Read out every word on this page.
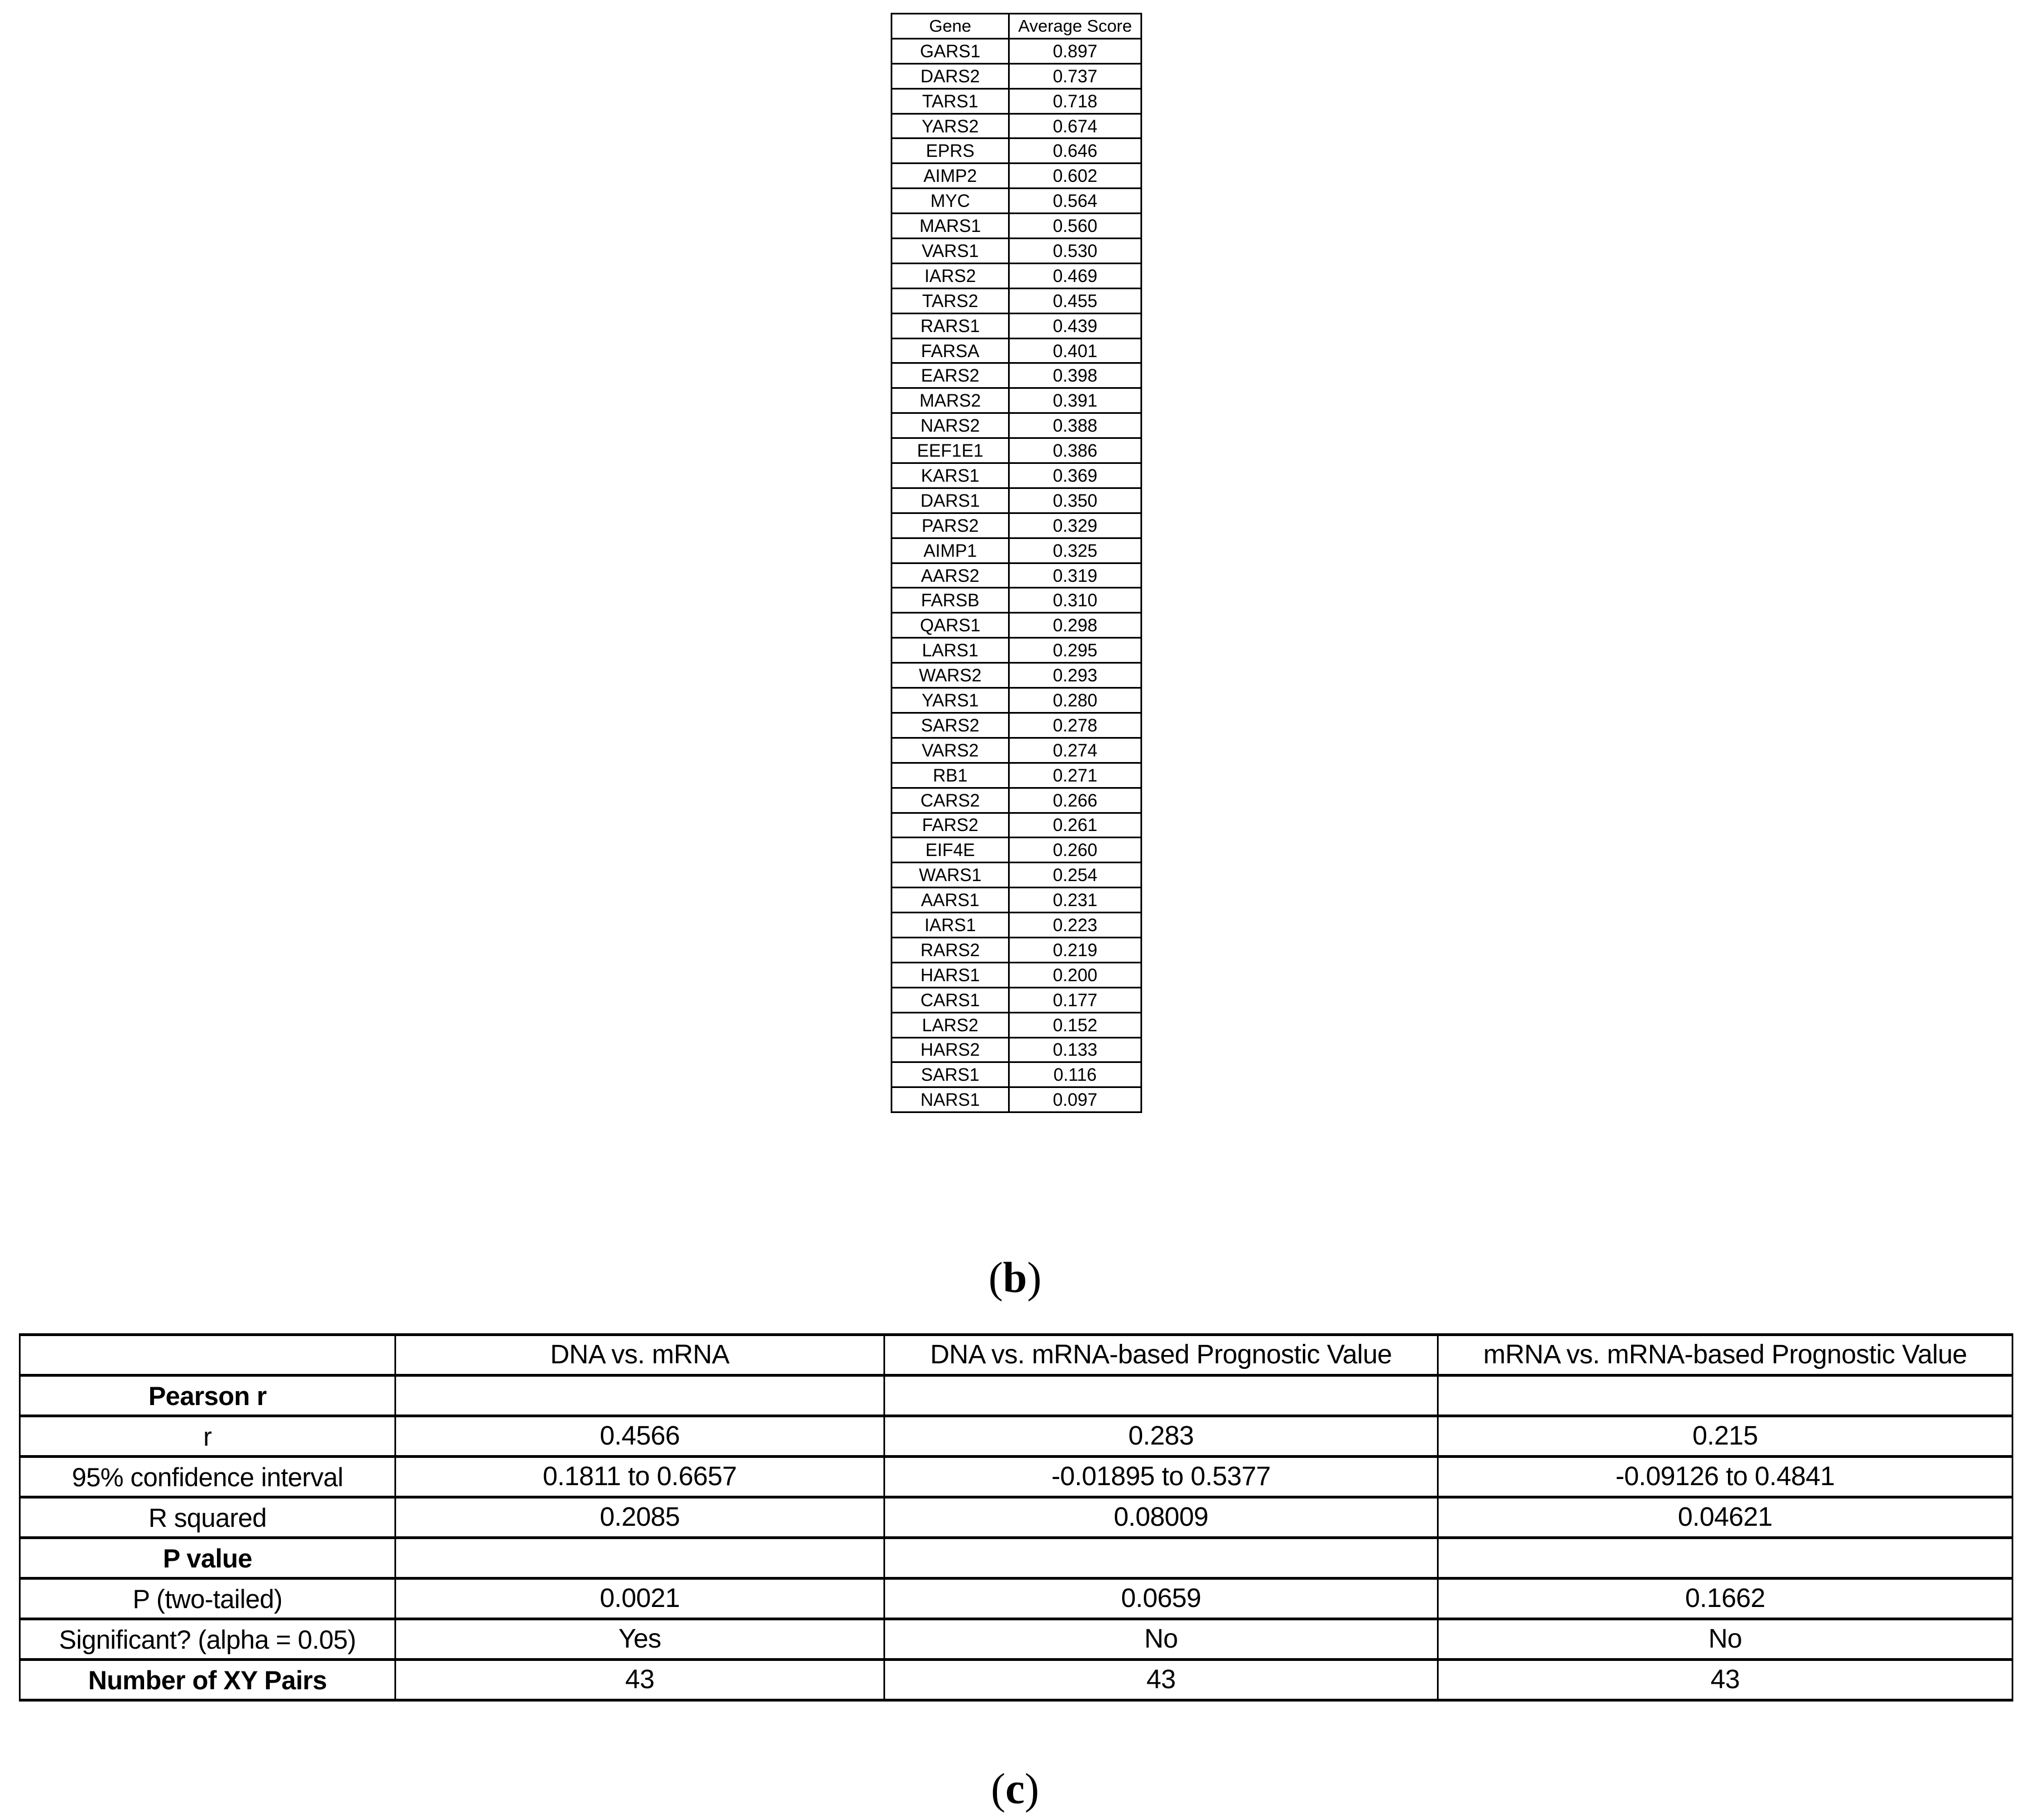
Gene	Average Score
GARS1	0.897
DARS2	0.737
TARS1	0.718
YARS2	0.674
EPRS	0.646
AIMP2	0.602
MYC	0.564
MARS1	0.560
VARS1	0.530
IARS2	0.469
TARS2	0.455
RARS1	0.439
FARSA	0.401
EARS2	0.398
MARS2	0.391
NARS2	0.388
EEF1E1	0.386
KARS1	0.369
DARS1	0.350
PARS2	0.329
AIMP1	0.325
AARS2	0.319
FARSB	0.310
QARS1	0.298
LARS1	0.295
WARS2	0.293
YARS1	0.280
SARS2	0.278
VARS2	0.274
RB1	0.271
CARS2	0.266
FARS2	0.261
EIF4E	0.260
WARS1	0.254
AARS1	0.231
IARS1	0.223
RARS2	0.219
HARS1	0.200
CARS1	0.177
LARS2	0.152
HARS2	0.133
SARS1	0.116
NARS1	0.097
(b)
	DNA vs. mRNA	DNA vs. mRNA-based Prognostic Value	mRNA vs. mRNA-based Prognostic Value
Pearson r			
r	0.4566	0.283	0.215
95% confidence interval	0.1811 to 0.6657	-0.01895 to 0.5377	-0.09126 to 0.4841
R squared	0.2085	0.08009	0.04621
P value			
P (two-tailed)	0.0021	0.0659	0.1662
Significant? (alpha = 0.05)	Yes	No	No
Number of XY Pairs	43	43	43
(c)
